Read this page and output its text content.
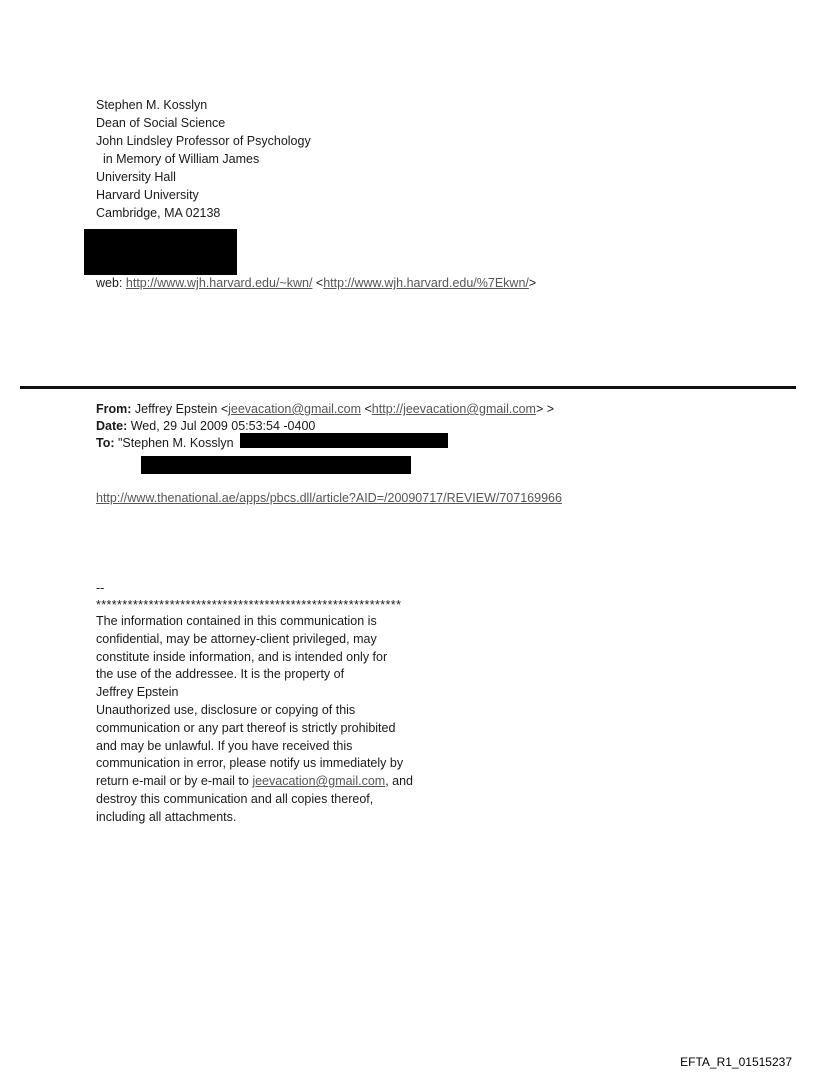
Stephen M. Kosslyn
Dean of Social Science
John Lindsley Professor of Psychology
in Memory of William James
University Hall
Harvard University
Cambridge, MA 02138
web: http://www.wjh.harvard.edu/~kwn/ <http://www.wjh.harvard.edu/%7Ekwn/>
From: Jeffrey Epstein <jeevacation@gmail.com <http://jeevacation@gmail.com> >
Date: Wed, 29 Jul 2009 05:53:54 -0400
To: "Stephen M. Kosslyn
http://www.thenational.ae/apps/pbcs.dll/article?AID=/20090717/REVIEW/707169966
--
**********************************************************
The information contained in this communication is
confidential, may be attorney-client privileged, may
constitute inside information, and is intended only for
the use of the addressee. It is the property of
Jeffrey Epstein
Unauthorized use, disclosure or copying of this
communication or any part thereof is strictly prohibited
and may be unlawful. If you have received this
communication in error, please notify us immediately by
return e-mail or by e-mail to jeevacation@gmail.com, and
destroy this communication and all copies thereof,
including all attachments.
EFTA_R1_01515237
